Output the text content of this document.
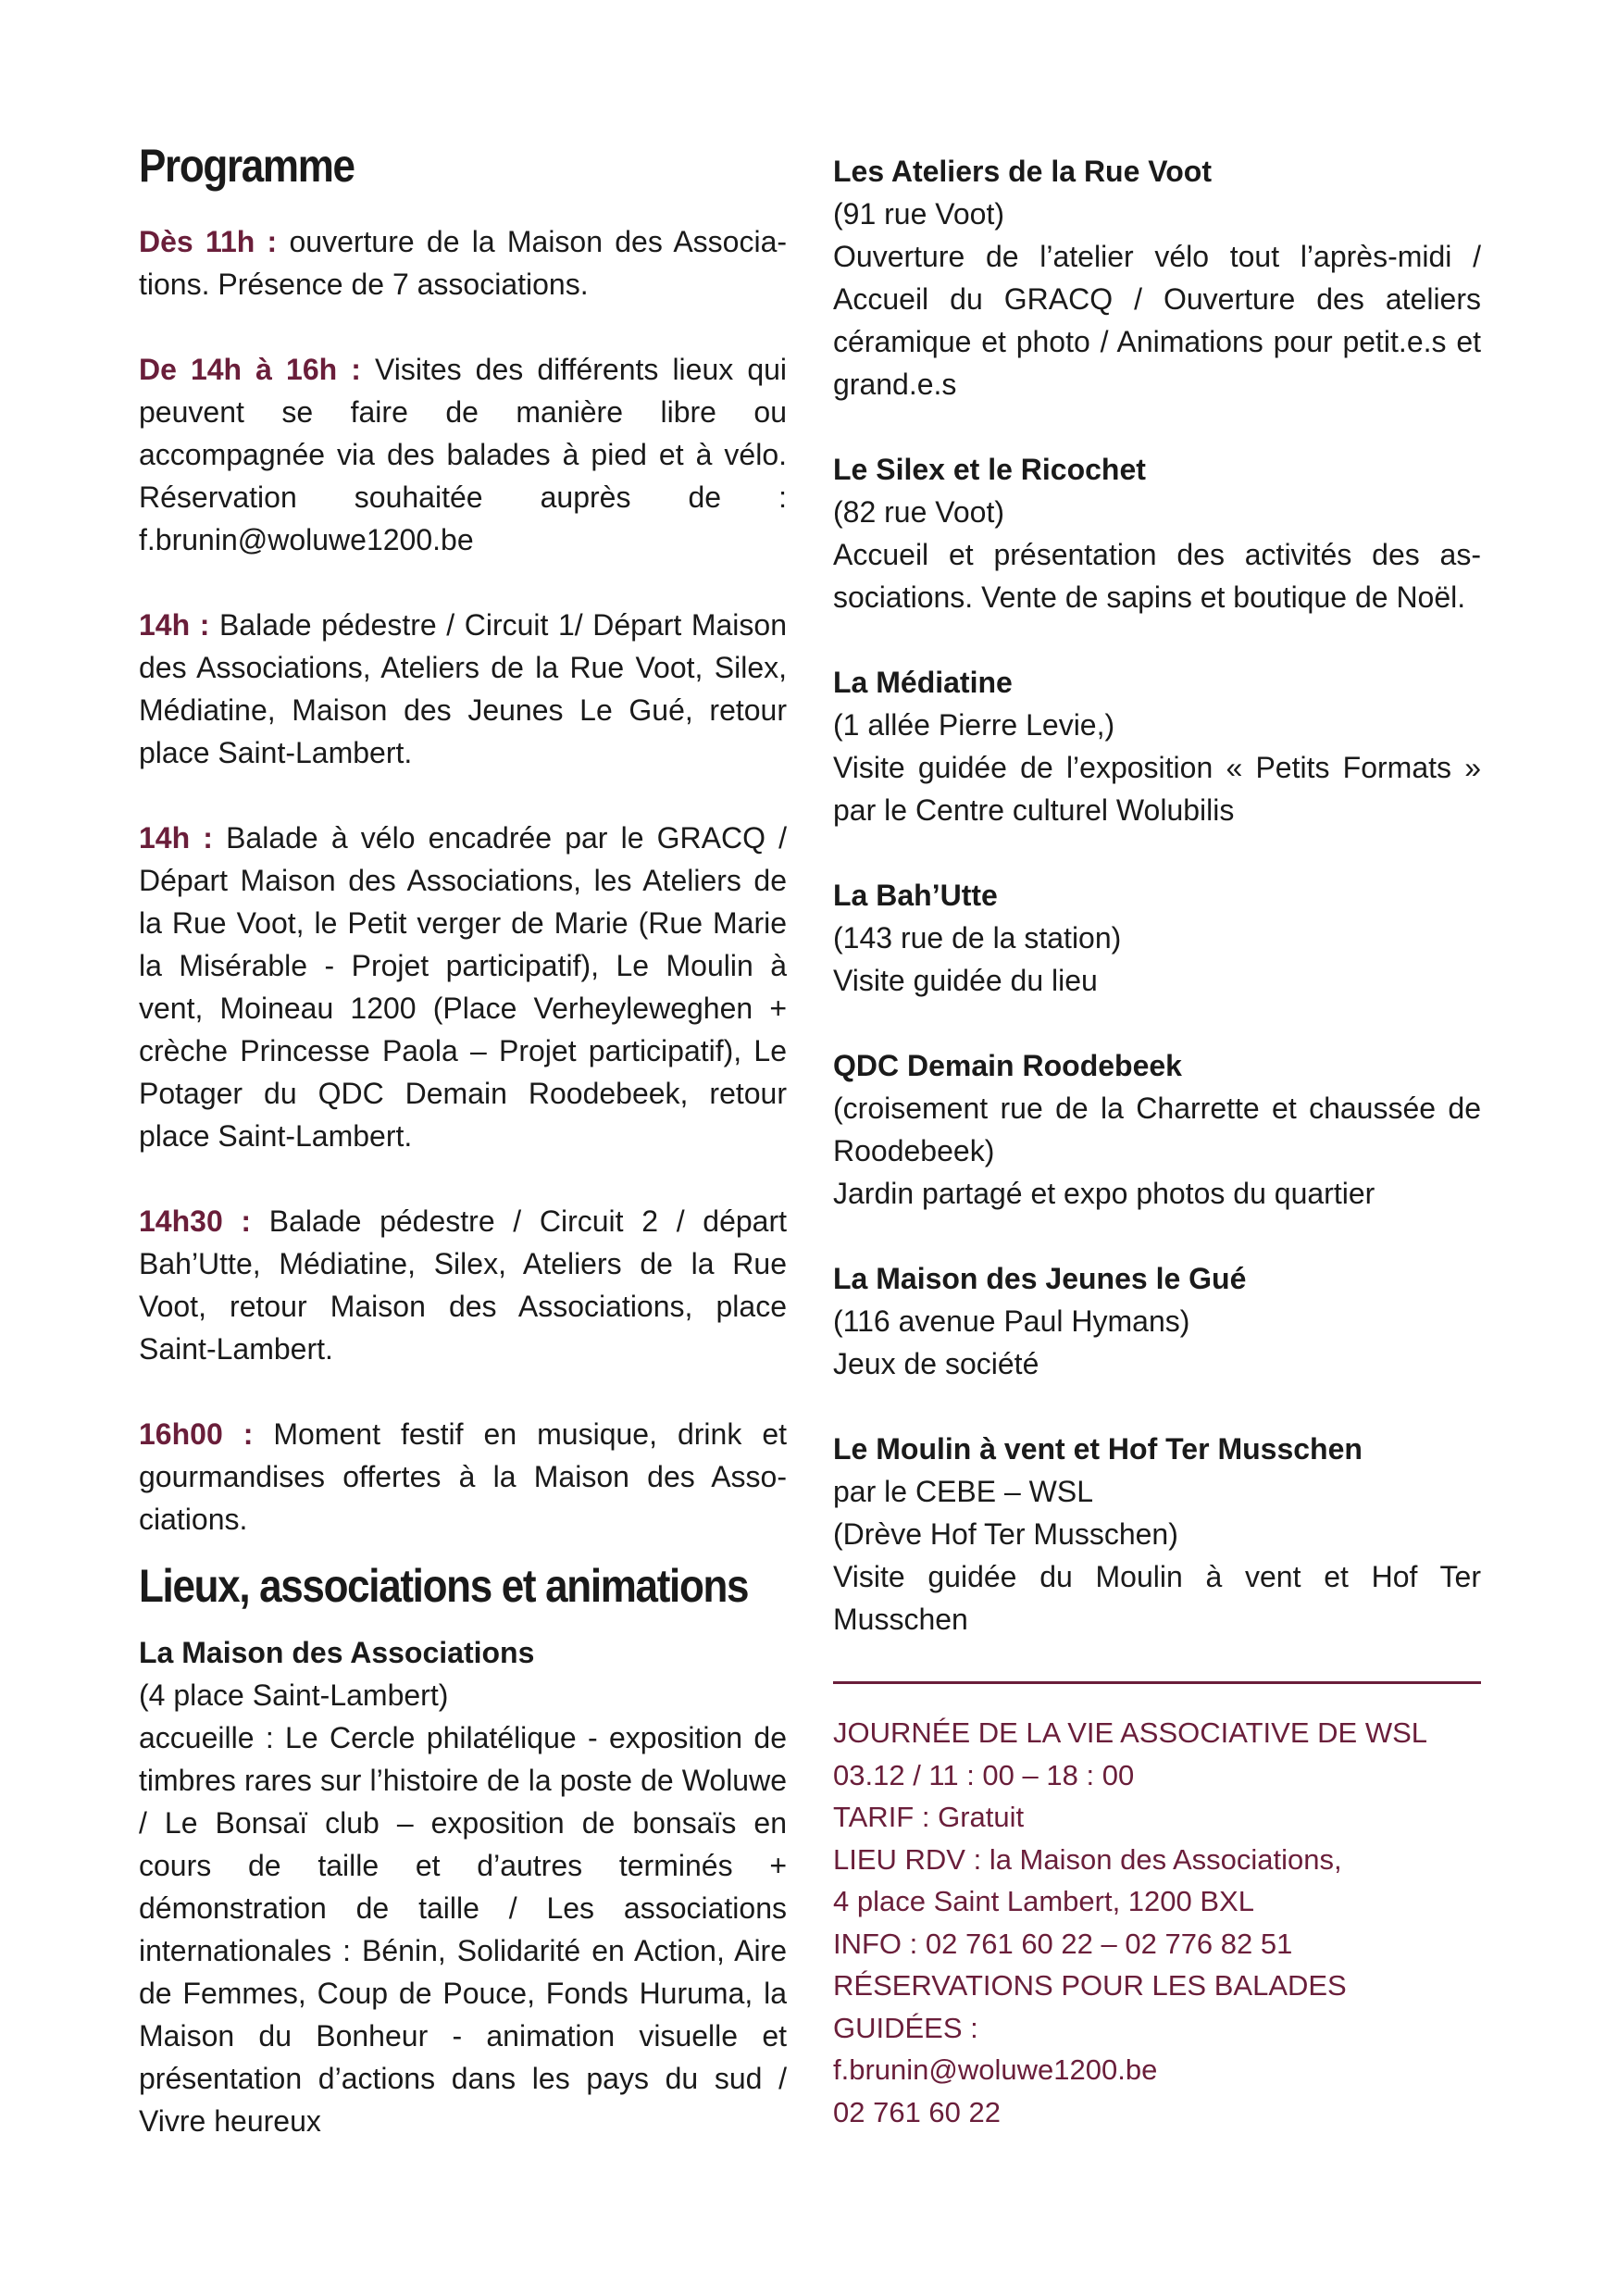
Programme

Dès 11h : ouverture de la Maison des Associations. Présence de 7 associations.

De 14h à 16h : Visites des différents lieux qui peuvent se faire de manière libre ou accompagnée via des balades à pied et à vélo. Réservation souhaitée auprès de : f.brunin@woluwe1200.be

14h : Balade pédestre / Circuit 1/ Départ Maison des Associations, Ateliers de la Rue Voot, Silex, Médiatine, Maison des Jeunes Le Gué, retour place Saint-Lambert.

14h : Balade à vélo encadrée par le GRACQ / Départ Maison des Associations, les Ateliers de la Rue Voot, le Petit verger de Marie (Rue Marie la Misérable - Projet participatif), Le Moulin à vent, Moineau 1200 (Place Verheyleweghen + crèche Princesse Paola – Projet participatif), Le Potager du QDC Demain Roodebeek, retour place Saint-Lambert.

14h30 : Balade pédestre / Circuit 2 / départ Bah’Utte, Médiatine, Silex, Ateliers de la Rue Voot, retour Maison des Associations, place Saint-Lambert.

16h00 : Moment festif en musique, drink et gourmandises offertes à la Maison des Associations.

Lieux, associations et animations

La Maison des Associations

(4 place Saint-Lambert)

accueille : Le Cercle philatélique - exposition de timbres rares sur l’histoire de la poste de Woluwe / Le Bonsaï club – exposition de bonsaïs en cours de taille et d’autres terminés + démonstration de taille / Les associations internationales : Bénin, Solidarité en Action, Aire de Femmes, Coup de Pouce, Fonds Huruma, la Maison du Bonheur - animation visuelle et présentation d’actions dans les pays du sud / Vivre heureux

Les Ateliers de la Rue Voot

(91 rue Voot)

Ouverture de l’atelier vélo tout l’après-midi / Accueil du GRACQ / Ouverture des ateliers céramique et photo / Animations pour petit.e.s et grand.e.s

Le Silex et le Ricochet

(82 rue Voot)

Accueil et présentation des activités des associations. Vente de sapins et boutique de Noël.

La Médiatine

(1 allée Pierre Levie,)

Visite guidée de l’exposition « Petits Formats » par le Centre culturel Wolubilis

La Bah’Utte

(143 rue de la station)

Visite guidée du lieu

QDC Demain Roodebeek

(croisement rue de la Charrette et chaussée de Roodebeek)

Jardin partagé et expo photos du quartier

La Maison des Jeunes le Gué

(116 avenue Paul Hymans)

Jeux de société

Le Moulin à vent et Hof Ter Musschen

par le CEBE – WSL

(Drève Hof Ter Musschen)

Visite guidée du Moulin à vent et Hof Ter Musschen

JOURNÉE DE LA VIE ASSOCIATIVE DE WSL

03.12 / 11 : 00 – 18 : 00

TARIF : Gratuit

LIEU RDV : la Maison des Associations,

4 place Saint Lambert, 1200 BXL

INFO : 02 761 60 22 – 02 776 82 51

RÉSERVATIONS POUR LES BALADES GUIDÉES :

f.brunin@woluwe1200.be

02 761 60 22
